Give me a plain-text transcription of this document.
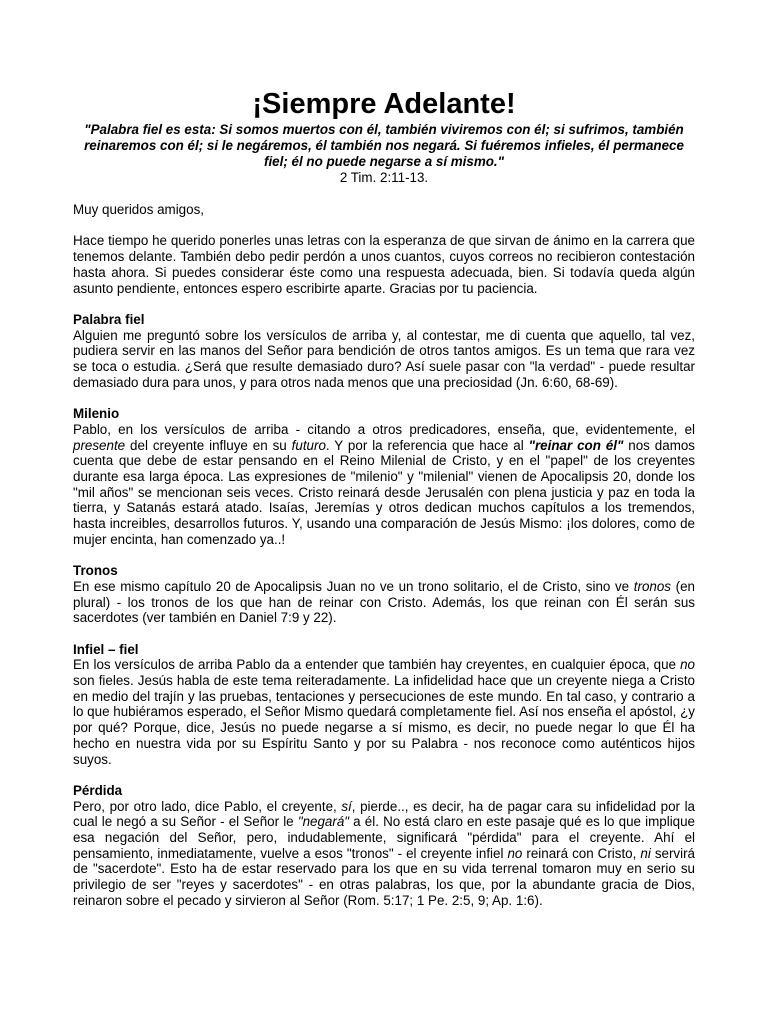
¡Siempre Adelante!

"Palabra fiel es esta: Si somos muertos con él, también viviremos con él; si sufrimos, también reinaremos con él; si le negáremos, él también nos negará. Si fuéremos infieles, él permanece fiel; él no puede negarse a sí mismo."

2 Tim. 2:11-13.

Muy queridos amigos,

Hace tiempo he querido ponerles unas letras con la esperanza de que sirvan de ánimo en la carrera que tenemos delante. También debo pedir perdón a unos cuantos, cuyos correos no recibieron contestación hasta ahora. Si puedes considerar éste como una respuesta adecuada, bien. Si todavía queda algún asunto pendiente, entonces espero escribirte aparte. Gracias por tu paciencia.

Palabra fiel

Alguien me preguntó sobre los versículos de arriba y, al contestar, me di cuenta que aquello, tal vez, pudiera servir en las manos del Señor para bendición de otros tantos amigos. Es un tema que rara vez se toca o estudia. ¿Será que resulte demasiado duro? Así suele pasar con "la verdad" - puede resultar demasiado dura para unos, y para otros nada menos que una preciosidad (Jn. 6:60, 68-69).

Milenio

Pablo, en los versículos de arriba - citando a otros predicadores, enseña, que, evidentemente, el presente del creyente influye en su futuro. Y por la referencia que hace al "reinar con él" nos damos cuenta que debe de estar pensando en el Reino Milenial de Cristo, y en el "papel" de los creyentes durante esa larga época. Las expresiones de "milenio" y "milenial" vienen de Apocalipsis 20, donde los "mil años" se mencionan seis veces. Cristo reinará desde Jerusalén con plena justicia y paz en toda la tierra, y Satanás estará atado. Isaías, Jeremías y otros dedican muchos capítulos a los tremendos, hasta increibles, desarrollos futuros. Y, usando una comparación de Jesús Mismo: ¡los dolores, como de mujer encinta, han comenzado ya..!

Tronos

En ese mismo capítulo 20 de Apocalipsis Juan no ve un trono solitario, el de Cristo, sino ve tronos (en plural) - los tronos de los que han de reinar con Cristo. Además, los que reinan con Él serán sus sacerdotes (ver también en Daniel 7:9 y 22).

Infiel – fiel

En los versículos de arriba Pablo da a entender que también hay creyentes, en cualquier época, que no son fieles. Jesús habla de este tema reiteradamente. La infidelidad hace que un creyente niega a Cristo en medio del trajín y las pruebas, tentaciones y persecuciones de este mundo. En tal caso, y contrario a lo que hubiéramos esperado, el Señor Mismo quedará completamente fiel. Así nos enseña el apóstol, ¿y por qué? Porque, dice, Jesús no puede negarse a sí mismo, es decir, no puede negar lo que Él ha hecho en nuestra vida por su Espíritu Santo y por su Palabra - nos reconoce como auténticos hijos suyos.

Pérdida

Pero, por otro lado, dice Pablo, el creyente, sí, pierde.., es decir, ha de pagar cara su infidelidad por la cual le negó a su Señor - el Señor le "negará" a él. No está claro en este pasaje qué es lo que implique esa negación del Señor, pero, indudablemente, significará "pérdida" para el creyente. Ahí el pensamiento, inmediatamente, vuelve a esos "tronos" - el creyente infiel no reinará con Cristo, ni servirá de "sacerdote". Esto ha de estar reservado para los que en su vida terrenal tomaron muy en serio su privilegio de ser "reyes y sacerdotes" - en otras palabras, los que, por la abundante gracia de Dios, reinaron sobre el pecado y sirvieron al Señor (Rom. 5:17; 1 Pe. 2:5, 9; Ap. 1:6).
